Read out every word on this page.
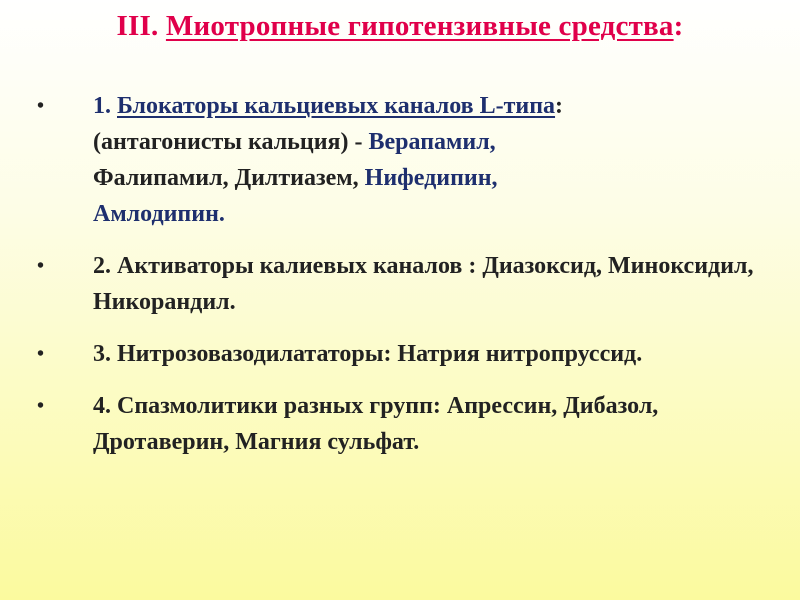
III. Миотропные гипотензивные средства:
• 1. Блокаторы кальциевых каналов L-типа:
(антагонисты кальция) - Верапамил,
Фалипамил, Дилтиазем, Нифедипин,
Амлодипин.
• 2. Активаторы калиевых каналов : Диазоксид, Миноксидил, Никорандил.
• 3. Нитрозовазодилататоры: Натрия нитропруссид.
• 4. Спазмолитики разных групп: Апрессин, Дибазол, Дротаверин, Магния сульфат.
